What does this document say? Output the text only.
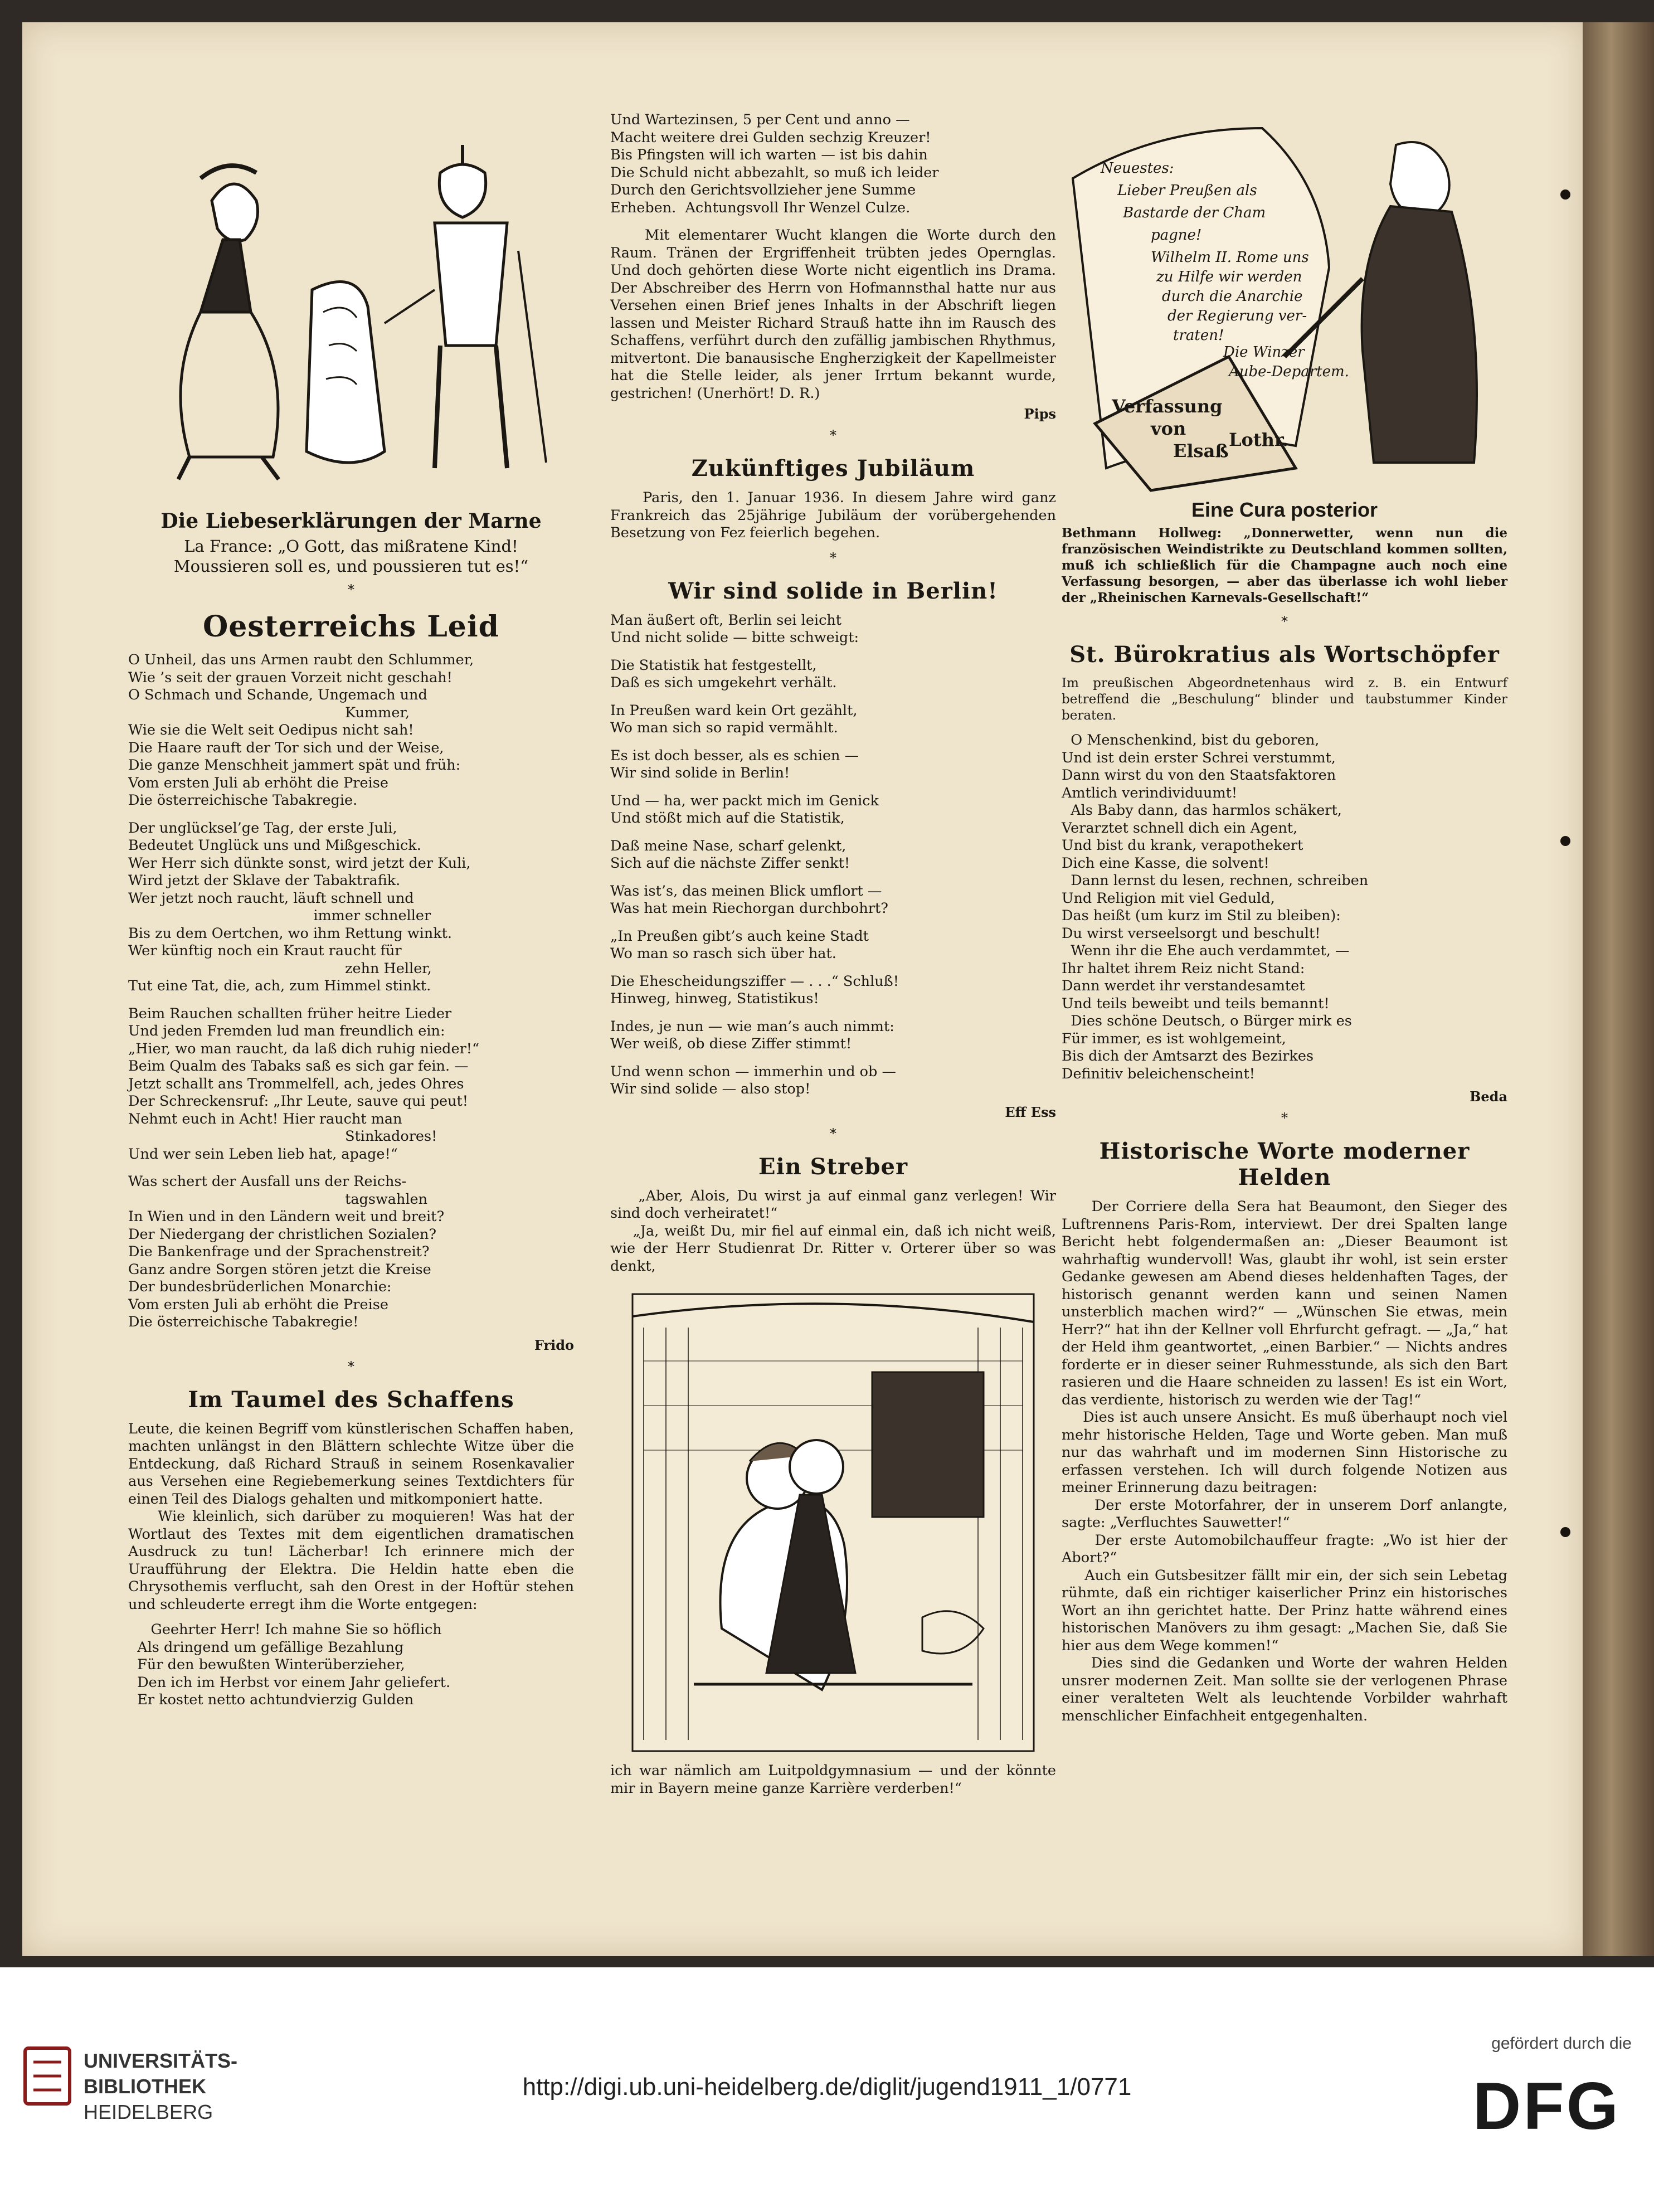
Die Liebeserklärungen der Marne
La France: „O Gott, das mißratene Kind!
Moussieren soll es, und poussieren tut es!“
*
Oesterreichs Leid
O Unheil, das uns Armen raubt den Schlummer,
Wie ’s seit der grauen Vorzeit nicht geschah!
O Schmach und Schande, Ungemach und
Kummer,
Wie sie die Welt seit Oedipus nicht sah!
Die Haare rauft der Tor sich und der Weise,
Die ganze Menschheit jammert spät und früh:
Vom ersten Juli ab erhöht die Preise
Die österreichische Tabakregie.
Der unglücksel’ge Tag, der erste Juli,
Bedeutet Unglück uns und Mißgeschick.
Wer Herr sich dünkte sonst, wird jetzt der Kuli,
Wird jetzt der Sklave der Tabaktrafik.
Wer jetzt noch raucht, läuft schnell und
immer schneller
Bis zu dem Oertchen, wo ihm Rettung winkt.
Wer künftig noch ein Kraut raucht für
zehn Heller,
Tut eine Tat, die, ach, zum Himmel stinkt.
Beim Rauchen schallten früher heitre Lieder
Und jeden Fremden lud man freundlich ein:
„Hier, wo man raucht, da laß dich ruhig nieder!“
Beim Qualm des Tabaks saß es sich gar fein. —
Jetzt schallt ans Trommelfell, ach, jedes Ohres
Der Schreckensruf: „Ihr Leute, sauve qui peut!
Nehmt euch in Acht! Hier raucht man
Stinkadores!
Und wer sein Leben lieb hat, apage!“
Was schert der Ausfall uns der Reichs-
tagswahlen
In Wien und in den Ländern weit und breit?
Der Niedergang der christlichen Sozialen?
Die Bankenfrage und der Sprachenstreit?
Ganz andre Sorgen stören jetzt die Kreise
Der bundesbrüderlichen Monarchie:
Vom ersten Juli ab erhöht die Preise
Die österreichische Tabakregie!
Frido
*
Im Taumel des Schaffens
Leute, die keinen Begriff vom künstlerischen Schaffen haben, machten unlängst in den Blättern schlechte Witze über die Entdeckung, daß Richard Strauß in seinem Rosenkavalier aus Versehen eine Regiebemerkung seines Textdichters für einen Teil des Dialogs gehalten und mitkomponiert hatte.
Wie kleinlich, sich darüber zu moquieren! Was hat der Wortlaut des Textes mit dem eigentlichen dramatischen Ausdruck zu tun! Lächerbar! Ich erinnere mich der Uraufführung der Elektra. Die Heldin hatte eben die Chrysothemis verflucht, sah den Orest in der Hoftür stehen und schleuderte erregt ihm die Worte entgegen:
Geehrter Herr! Ich mahne Sie so höflich
Als dringend um gefällige Bezahlung
Für den bewußten Winterüberzieher,
Den ich im Herbst vor einem Jahr geliefert.
Er kostet netto achtundvierzig Gulden
Und Wartezinsen, 5 per Cent und anno —
Macht weitere drei Gulden sechzig Kreuzer!
Bis Pfingsten will ich warten — ist bis dahin
Die Schuld nicht abbezahlt, so muß ich leider
Durch den Gerichtsvollzieher jene Summe
Erheben.  Achtungsvoll Ihr Wenzel Culze.
Mit elementarer Wucht klangen die Worte durch den Raum. Tränen der Ergriffenheit trübten jedes Opernglas. Und doch gehörten diese Worte nicht eigentlich ins Drama. Der Abschreiber des Herrn von Hofmannsthal hatte nur aus Versehen einen Brief jenes Inhalts in der Abschrift liegen lassen und Meister Richard Strauß hatte ihn im Rausch des Schaffens, verführt durch den zufällig jambischen Rhythmus, mitvertont. Die banausische Engherzigkeit der Kapellmeister hat die Stelle leider, als jener Irrtum bekannt wurde, gestrichen! (Unerhört! D. R.)
Pips
*
Zukünftiges Jubiläum
Paris, den 1. Januar 1936. In diesem Jahre wird ganz Frankreich das 25jährige Jubiläum der vorübergehenden Besetzung von Fez feierlich begehen.
*
Wir sind solide in Berlin!
Man äußert oft, Berlin sei leicht
Und nicht solide — bitte schweigt:
Die Statistik hat festgestellt,
Daß es sich umgekehrt verhält.
In Preußen ward kein Ort gezählt,
Wo man sich so rapid vermählt.
Es ist doch besser, als es schien —
Wir sind solide in Berlin!
Und — ha, wer packt mich im Genick
Und stößt mich auf die Statistik,
Daß meine Nase, scharf gelenkt,
Sich auf die nächste Ziffer senkt!
Was ist’s, das meinen Blick umflort —
Was hat mein Riechorgan durchbohrt?
„In Preußen gibt’s auch keine Stadt
Wo man so rasch sich über hat.
Die Ehescheidungsziffer — . . .“ Schluß!
Hinweg, hinweg, Statistikus!
Indes, je nun — wie man’s auch nimmt:
Wer weiß, ob diese Ziffer stimmt!
Und wenn schon — immerhin und ob —
Wir sind solide — also stop!
Eff Ess
*
Ein Streber
„Aber, Alois, Du wirst ja auf einmal ganz verlegen! Wir sind doch verheiratet!“
„Ja, weißt Du, mir fiel auf einmal ein, daß ich nicht weiß, wie der Herr Studienrat Dr. Ritter v. Orterer über so was denkt,
ich war nämlich am Luitpoldgymnasium — und der könnte mir in Bayern meine ganze Karrière verderben!“
Neuestes:
Lieber Preußen als
Bastarde der Cham
pagne!
Wilhelm II. Rome uns
zu Hilfe wir werden
durch die Anarchie
der Regierung ver-
traten!
Die Winzer
Aube-Departem.
Verfassung
von
Elsaß
Lothr.
Eine Cura posterior
Bethmann Hollweg: „Donnerwetter, wenn nun die französischen Weindistrikte zu Deutschland kommen sollten, muß ich schließlich für die Champagne auch noch eine Verfassung besorgen, — aber das überlasse ich wohl lieber der „Rheinischen Karnevals-Gesellschaft!“
*
St. Bürokratius als Wortschöpfer
Im preußischen Abgeordnetenhaus wird z. B. ein Entwurf betreffend die „Beschulung“ blinder und taubstummer Kinder beraten.
O Menschenkind, bist du geboren,
Und ist dein erster Schrei verstummt,
Dann wirst du von den Staatsfaktoren
Amtlich verindividuumt!
Als Baby dann, das harmlos schäkert,
Verarztet schnell dich ein Agent,
Und bist du krank, verapothekert
Dich eine Kasse, die solvent!
Dann lernst du lesen, rechnen, schreiben
Und Religion mit viel Geduld,
Das heißt (um kurz im Stil zu bleiben):
Du wirst verseelsorgt und beschult!
Wenn ihr die Ehe auch verdammtet, —
Ihr haltet ihrem Reiz nicht Stand:
Dann werdet ihr verstandesamtet
Und teils beweibt und teils bemannt!
Dies schöne Deutsch, o Bürger mirk es
Für immer, es ist wohlgemeint,
Bis dich der Amtsarzt des Bezirkes
Definitiv beleichenscheint!
Beda
*
Historische Worte moderner Helden
Der Corriere della Sera hat Beaumont, den Sieger des Luftrennens Paris-Rom, interviewt. Der drei Spalten lange Bericht hebt folgendermaßen an: „Dieser Beaumont ist wahrhaftig wundervoll! Was, glaubt ihr wohl, ist sein erster Gedanke gewesen am Abend dieses heldenhaften Tages, der historisch genannt werden kann und seinen Namen unsterblich machen wird?“ — „Wünschen Sie etwas, mein Herr?“ hat ihn der Kellner voll Ehrfurcht gefragt. — „Ja,“ hat der Held ihm geantwortet, „einen Barbier.“ — Nichts andres forderte er in dieser seiner Ruhmesstunde, als sich den Bart rasieren und die Haare schneiden zu lassen! Es ist ein Wort, das verdiente, historisch zu werden wie der Tag!“
Dies ist auch unsere Ansicht. Es muß überhaupt noch viel mehr historische Helden, Tage und Worte geben. Man muß nur das wahrhaft und im modernen Sinn Historische zu erfassen verstehen. Ich will durch folgende Notizen aus meiner Erinnerung dazu beitragen:
Der erste Motorfahrer, der in unserem Dorf anlangte, sagte: „Verfluchtes Sauwetter!“
Der erste Automobilchauffeur fragte: „Wo ist hier der Abort?“
Auch ein Gutsbesitzer fällt mir ein, der sich sein Lebetag rühmte, daß ein richtiger kaiserlicher Prinz ein historisches Wort an ihn gerichtet hatte. Der Prinz hatte während eines historischen Manövers zu ihm gesagt: „Machen Sie, daß Sie hier aus dem Wege kommen!“
Dies sind die Gedanken und Worte der wahren Helden unsrer modernen Zeit. Man sollte sie der verlogenen Phrase einer veralteten Welt als leuchtende Vorbilder wahrhaft menschlicher Einfachheit entgegenhalten.
UNIVERSITÄTS-
BIBLIOTHEK
HEIDELBERG
http://digi.ub.uni-heidelberg.de/diglit/jugend1911_1/0771
gefördert durch die
DFG
